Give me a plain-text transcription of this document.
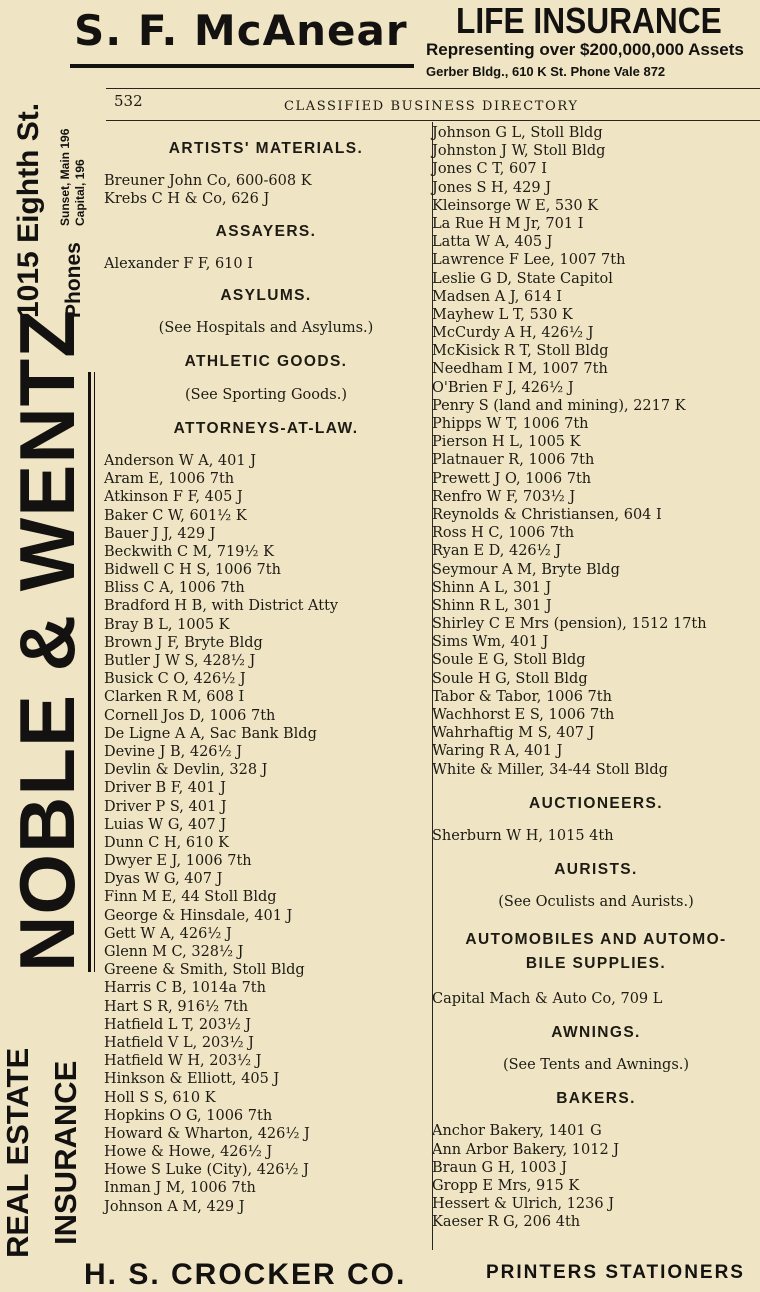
S. F. McAnear LIFE INSURANCE
Representing over $200,000,000 Assets
Gerber Bldg., 610 K St. Phone Vale 872
1015 Eighth St. Phones
Sunset, Main 196 Capital, 196
NOBLE & WENTZ
REAL ESTATE INSURANCE
532	CLASSIFIED BUSINESS DIRECTORY
ARTISTS' MATERIALS.
Breuner John Co, 600-608 K
Krebs C H & Co, 626 J
ASSAYERS.
Alexander F F, 610 I
ASYLUMS.
(See Hospitals and Asylums.)
ATHLETIC GOODS.
(See Sporting Goods.)
ATTORNEYS-AT-LAW.
Anderson W A, 401 J
Aram E, 1006 7th
Atkinson F F, 405 J
Baker C W, 601½ K
Bauer J J, 429 J
Beckwith C M, 719½ K
Bidwell C H S, 1006 7th
Bliss C A, 1006 7th
Bradford H B, with District Atty
Bray B L, 1005 K
Brown J F, Bryte Bldg
Butler J W S, 428½ J
Busick C O, 426½ J
Clarken R M, 608 I
Cornell Jos D, 1006 7th
De Ligne A A, Sac Bank Bldg
Devine J B, 426½ J
Devlin & Devlin, 328 J
Driver B F, 401 J
Driver P S, 401 J
Luias W G, 407 J
Dunn C H, 610 K
Dwyer E J, 1006 7th
Dyas W G, 407 J
Finn M E, 44 Stoll Bldg
George & Hinsdale, 401 J
Gett W A, 426½ J
Glenn M C, 328½ J
Greene & Smith, Stoll Bldg
Harris C B, 1014a 7th
Hart S R, 916½ 7th
Hatfield L T, 203½ J
Hatfield V L, 203½ J
Hatfield W H, 203½ J
Hinkson & Elliott, 405 J
Holl S S, 610 K
Hopkins O G, 1006 7th
Howard & Wharton, 426½ J
Howe & Howe, 426½ J
Howe S Luke (City), 426½ J
Inman J M, 1006 7th
Johnson A M, 429 J
Johnson G L, Stoll Bldg
Johnston J W, Stoll Bldg
Jones C T, 607 I
Jones S H, 429 J
Kleinsorge W E, 530 K
La Rue H M Jr, 701 I
Latta W A, 405 J
Lawrence F Lee, 1007 7th
Leslie G D, State Capitol
Madsen A J, 614 I
Mayhew L T, 530 K
McCurdy A H, 426½ J
McKisick R T, Stoll Bldg
Needham I M, 1007 7th
O'Brien F J, 426½ J
Penry S (land and mining), 2217 K
Phipps W T, 1006 7th
Pierson H L, 1005 K
Platnauer R, 1006 7th
Prewett J O, 1006 7th
Renfro W F, 703½ J
Reynolds & Christiansen, 604 I
Ross H C, 1006 7th
Ryan E D, 426½ J
Seymour A M, Bryte Bldg
Shinn A L, 301 J
Shinn R L, 301 J
Shirley C E Mrs (pension), 1512 17th
Sims Wm, 401 J
Soule E G, Stoll Bldg
Soule H G, Stoll Bldg
Tabor & Tabor, 1006 7th
Wachhorst E S, 1006 7th
Wahrhaftig M S, 407 J
Waring R A, 401 J
White & Miller, 34-44 Stoll Bldg
AUCTIONEERS.
Sherburn W H, 1015 4th
AURISTS.
(See Oculists and Aurists.)
AUTOMOBILES AND AUTOMO-
BILE SUPPLIES.
Capital Mach & Auto Co, 709 L
AWNINGS.
(See Tents and Awnings.)
BAKERS.
Anchor Bakery, 1401 G
Ann Arbor Bakery, 1012 J
Braun G H, 1003 J
Gropp E Mrs, 915 K
Hessert & Ulrich, 1236 J
Kaeser R G, 206 4th
H. S. CROCKER CO.	PRINTERS STATIONERS
